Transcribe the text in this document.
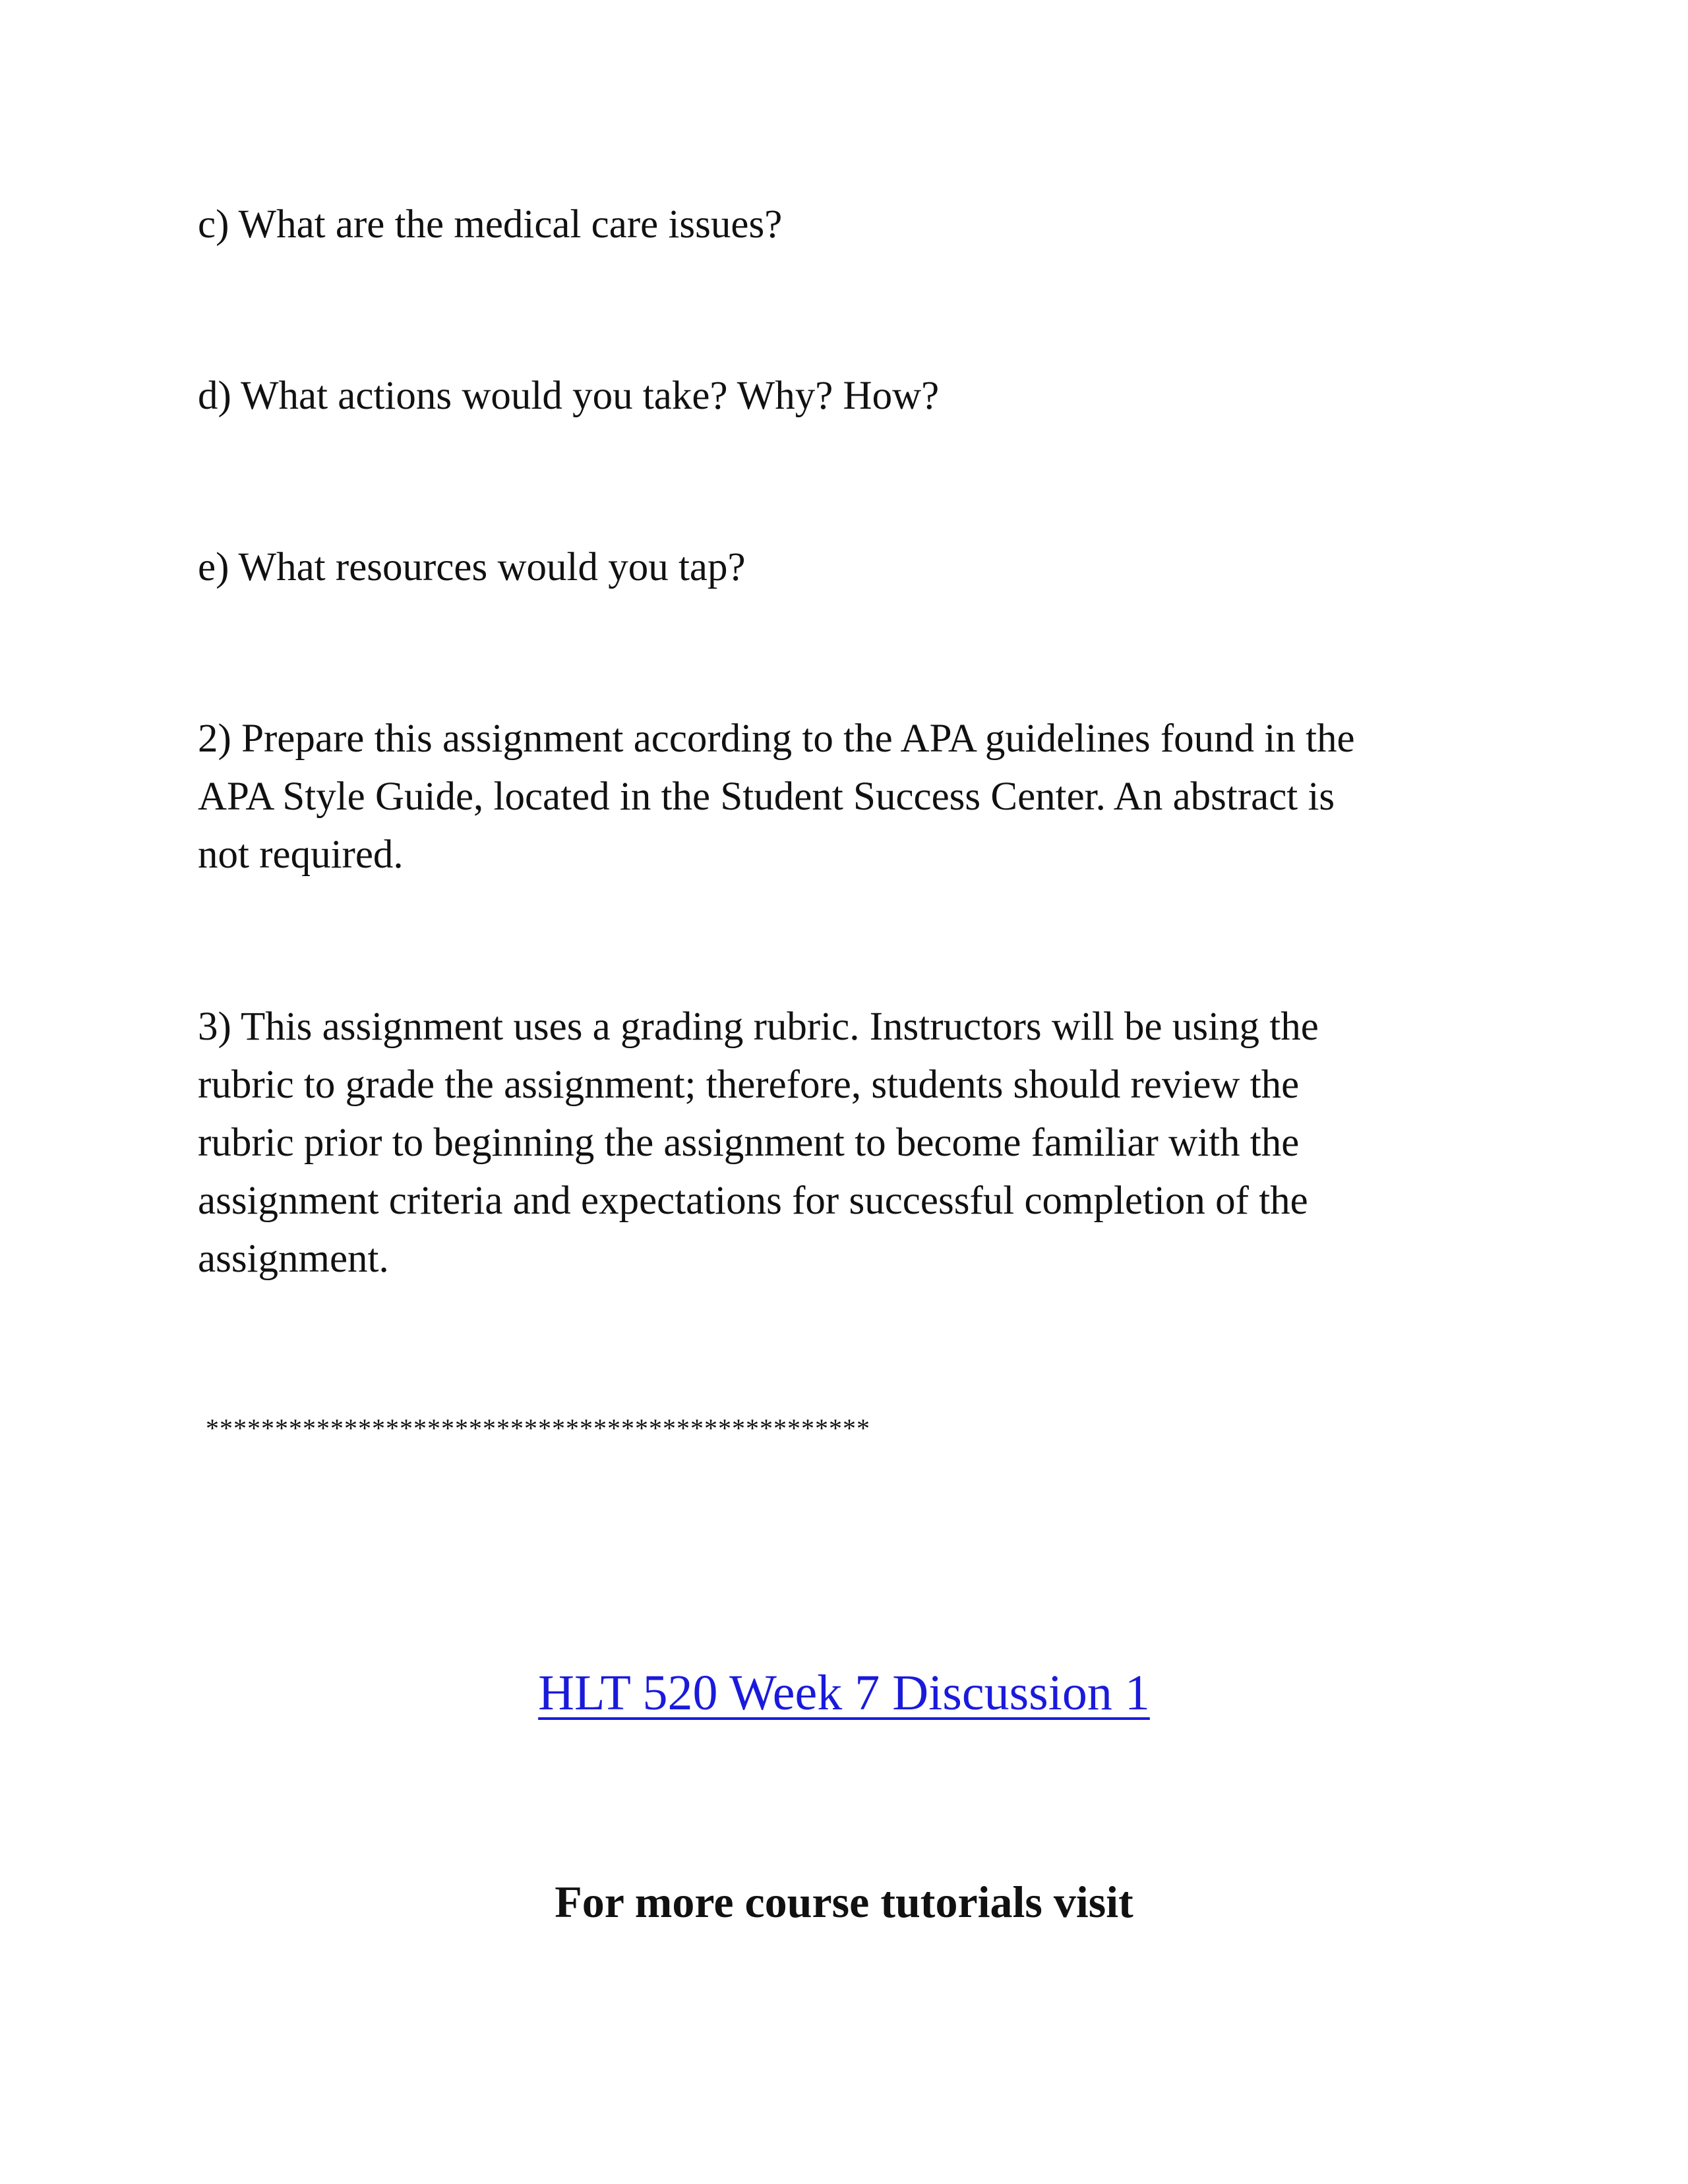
c) What are the medical care issues?

d) What actions would you take? Why? How?

e) What resources would you tap?

2) Prepare this assignment according to the APA guidelines found in the
APA Style Guide, located in the Student Success Center. An abstract is
not required.

3) This assignment uses a grading rubric. Instructors will be using the
rubric to grade the assignment; therefore, students should review the
rubric prior to beginning the assignment to become familiar with the
assignment criteria and expectations for successful completion of the
assignment.

************************************************

HLT 520 Week 7 Discussion 1

For more course tutorials visit
